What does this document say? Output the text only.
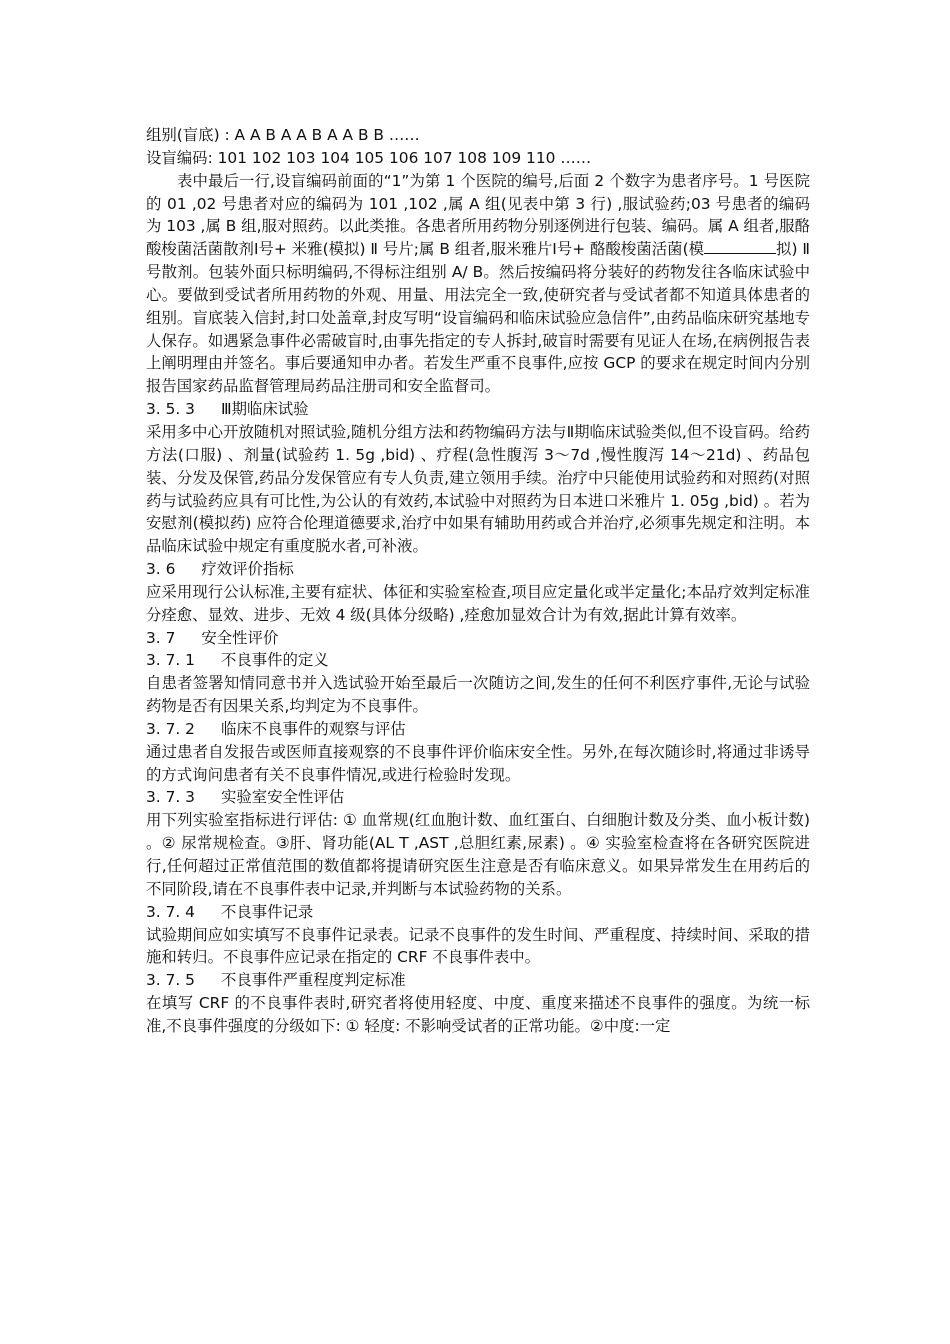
组别(盲底) : A A B A A B A A B B ……

设盲编码: 101 102 103 104 105 106 107 108 109 110 ……

表中最后一行,设盲编码前面的“1”为第 1 个医院的编号,后面 2 个数字为患者序号。1 号医院的 01 ,02 号患者对应的编码为 101 ,102 ,属 A 组(见表中第 3 行) ,服试验药;03 号患者的编码为 103 ,属 B 组,服对照药。以此类推。各患者所用药物分别逐例进行包装、编码。属 A 组者,服酪酸梭菌活菌散剂Ⅰ号+ 米雅(模拟) Ⅱ 号片;属 B 组者,服米雅片Ⅰ号+ 酪酸梭菌活菌(模	拟) Ⅱ 号散剂。包装外面只标明编码,不得标注组别 A/ B。然后按编码将分装好的药物发往各临床试验中心。要做到受试者所用药物的外观、用量、用法完全一致,使研究者与受试者都不知道具体患者的组别。盲底装入信封,封口处盖章,封皮写明“设盲编码和临床试验应急信件”,由药品临床研究基地专人保存。如遇紧急事件必需破盲时,由事先指定的专人拆封,破盲时需要有见证人在场,在病例报告表上阐明理由并签名。事后要通知申办者。若发生严重不良事件,应按 GCP 的要求在规定时间内分别报告国家药品监督管理局药品注册司和安全监督司。

3. 5. 3 Ⅲ期临床试验

采用多中心开放随机对照试验,随机分组方法和药物编码方法与Ⅱ期临床试验类似,但不设盲码。给药方法(口服) 、剂量(试验药 1. 5g ,bid) 、疗程(急性腹泻 3～7d ,慢性腹泻 14～21d) 、药品包装、分发及保管,药品分发保管应有专人负责,建立领用手续。治疗中只能使用试验药和对照药(对照药与试验药应具有可比性,为公认的有效药,本试验中对照药为日本进口米雅片 1. 05g ,bid) 。若为安慰剂(模拟药) 应符合伦理道德要求,治疗中如果有辅助用药或合并治疗,必须事先规定和注明。本品临床试验中规定有重度脱水者,可补液。

3. 6 疗效评价指标

应采用现行公认标准,主要有症状、体征和实验室检查,项目应定量化或半定量化;本品疗效判定标准分痊愈、显效、进步、无效 4 级(具体分级略) ,痊愈加显效合计为有效,据此计算有效率。

3. 7 安全性评价

3. 7. 1 不良事件的定义

自患者签署知情同意书并入选试验开始至最后一次随访之间,发生的任何不利医疗事件,无论与试验药物是否有因果关系,均判定为不良事件。

3. 7. 2 临床不良事件的观察与评估

通过患者自发报告或医师直接观察的不良事件评价临床安全性。另外,在每次随诊时,将通过非诱导的方式询问患者有关不良事件情况,或进行检验时发现。

3. 7. 3 实验室安全性评估

用下列实验室指标进行评估: ① 血常规(红血胞计数、血红蛋白、白细胞计数及分类、血小板计数) 。② 尿常规检查。③肝、肾功能(AL T ,AST ,总胆红素,尿素) 。④ 实验室检查将在各研究医院进行,任何超过正常值范围的数值都将提请研究医生注意是否有临床意义。如果异常发生在用药后的不同阶段,请在不良事件表中记录,并判断与本试验药物的关系。

3. 7. 4 不良事件记录

试验期间应如实填写不良事件记录表。记录不良事件的发生时间、严重程度、持续时间、采取的措施和转归。不良事件应记录在指定的 CRF 不良事件表中。

3. 7. 5 不良事件严重程度判定标准

在填写 CRF 的不良事件表时,研究者将使用轻度、中度、重度来描述不良事件的强度。为统一标准,不良事件强度的分级如下: ① 轻度: 不影响受试者的正常功能。②中度:一定
